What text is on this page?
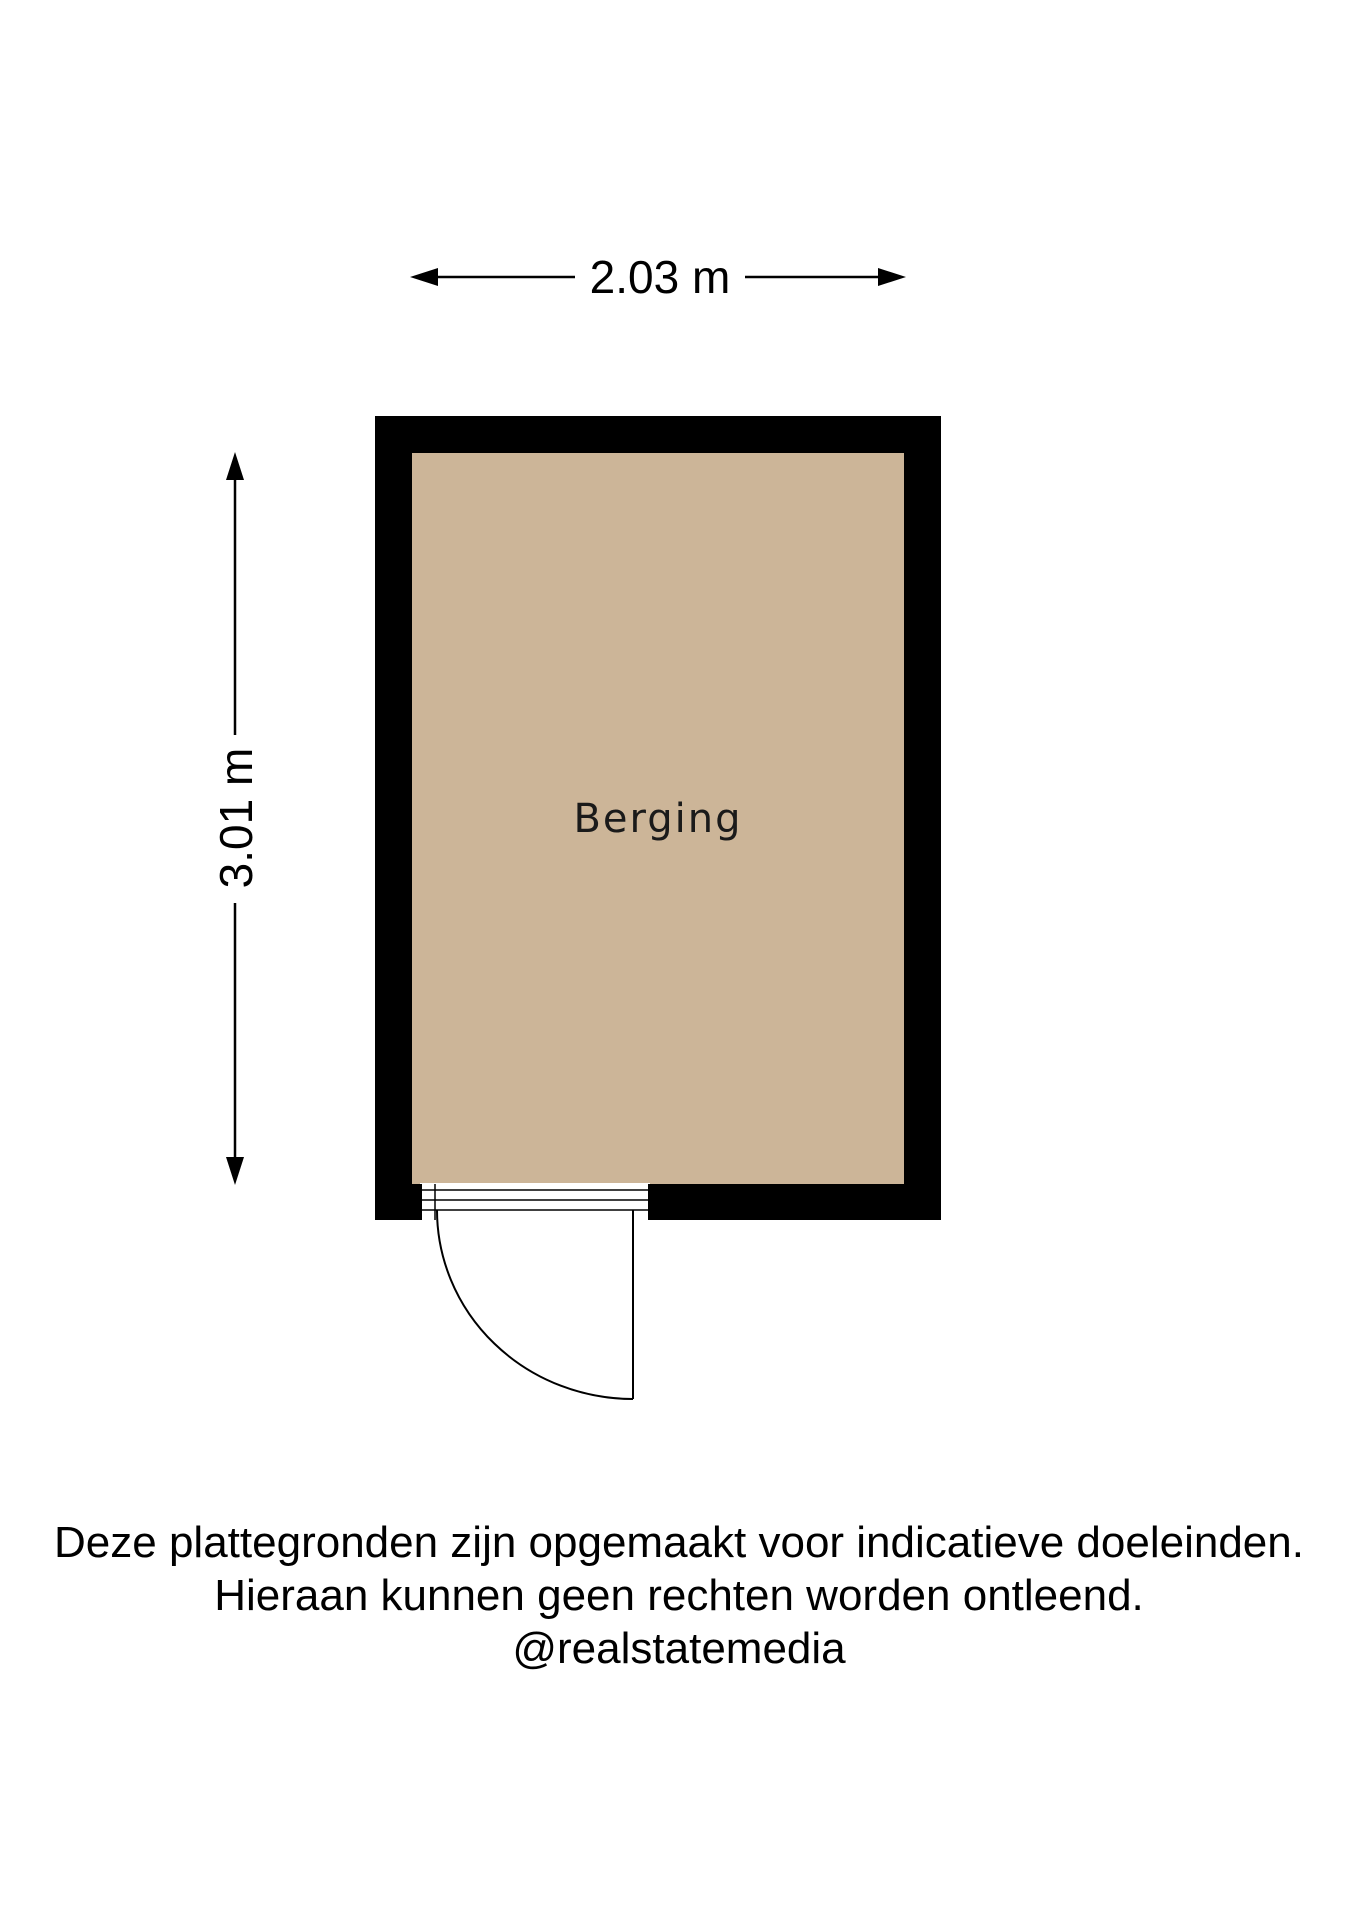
2.03 m
3.01 m	Berging
Deze plattegronden zijn opgemaakt voor indicatieve doeleinden.
Hieraan kunnen geen rechten worden ontleend.
@realstatemedia
